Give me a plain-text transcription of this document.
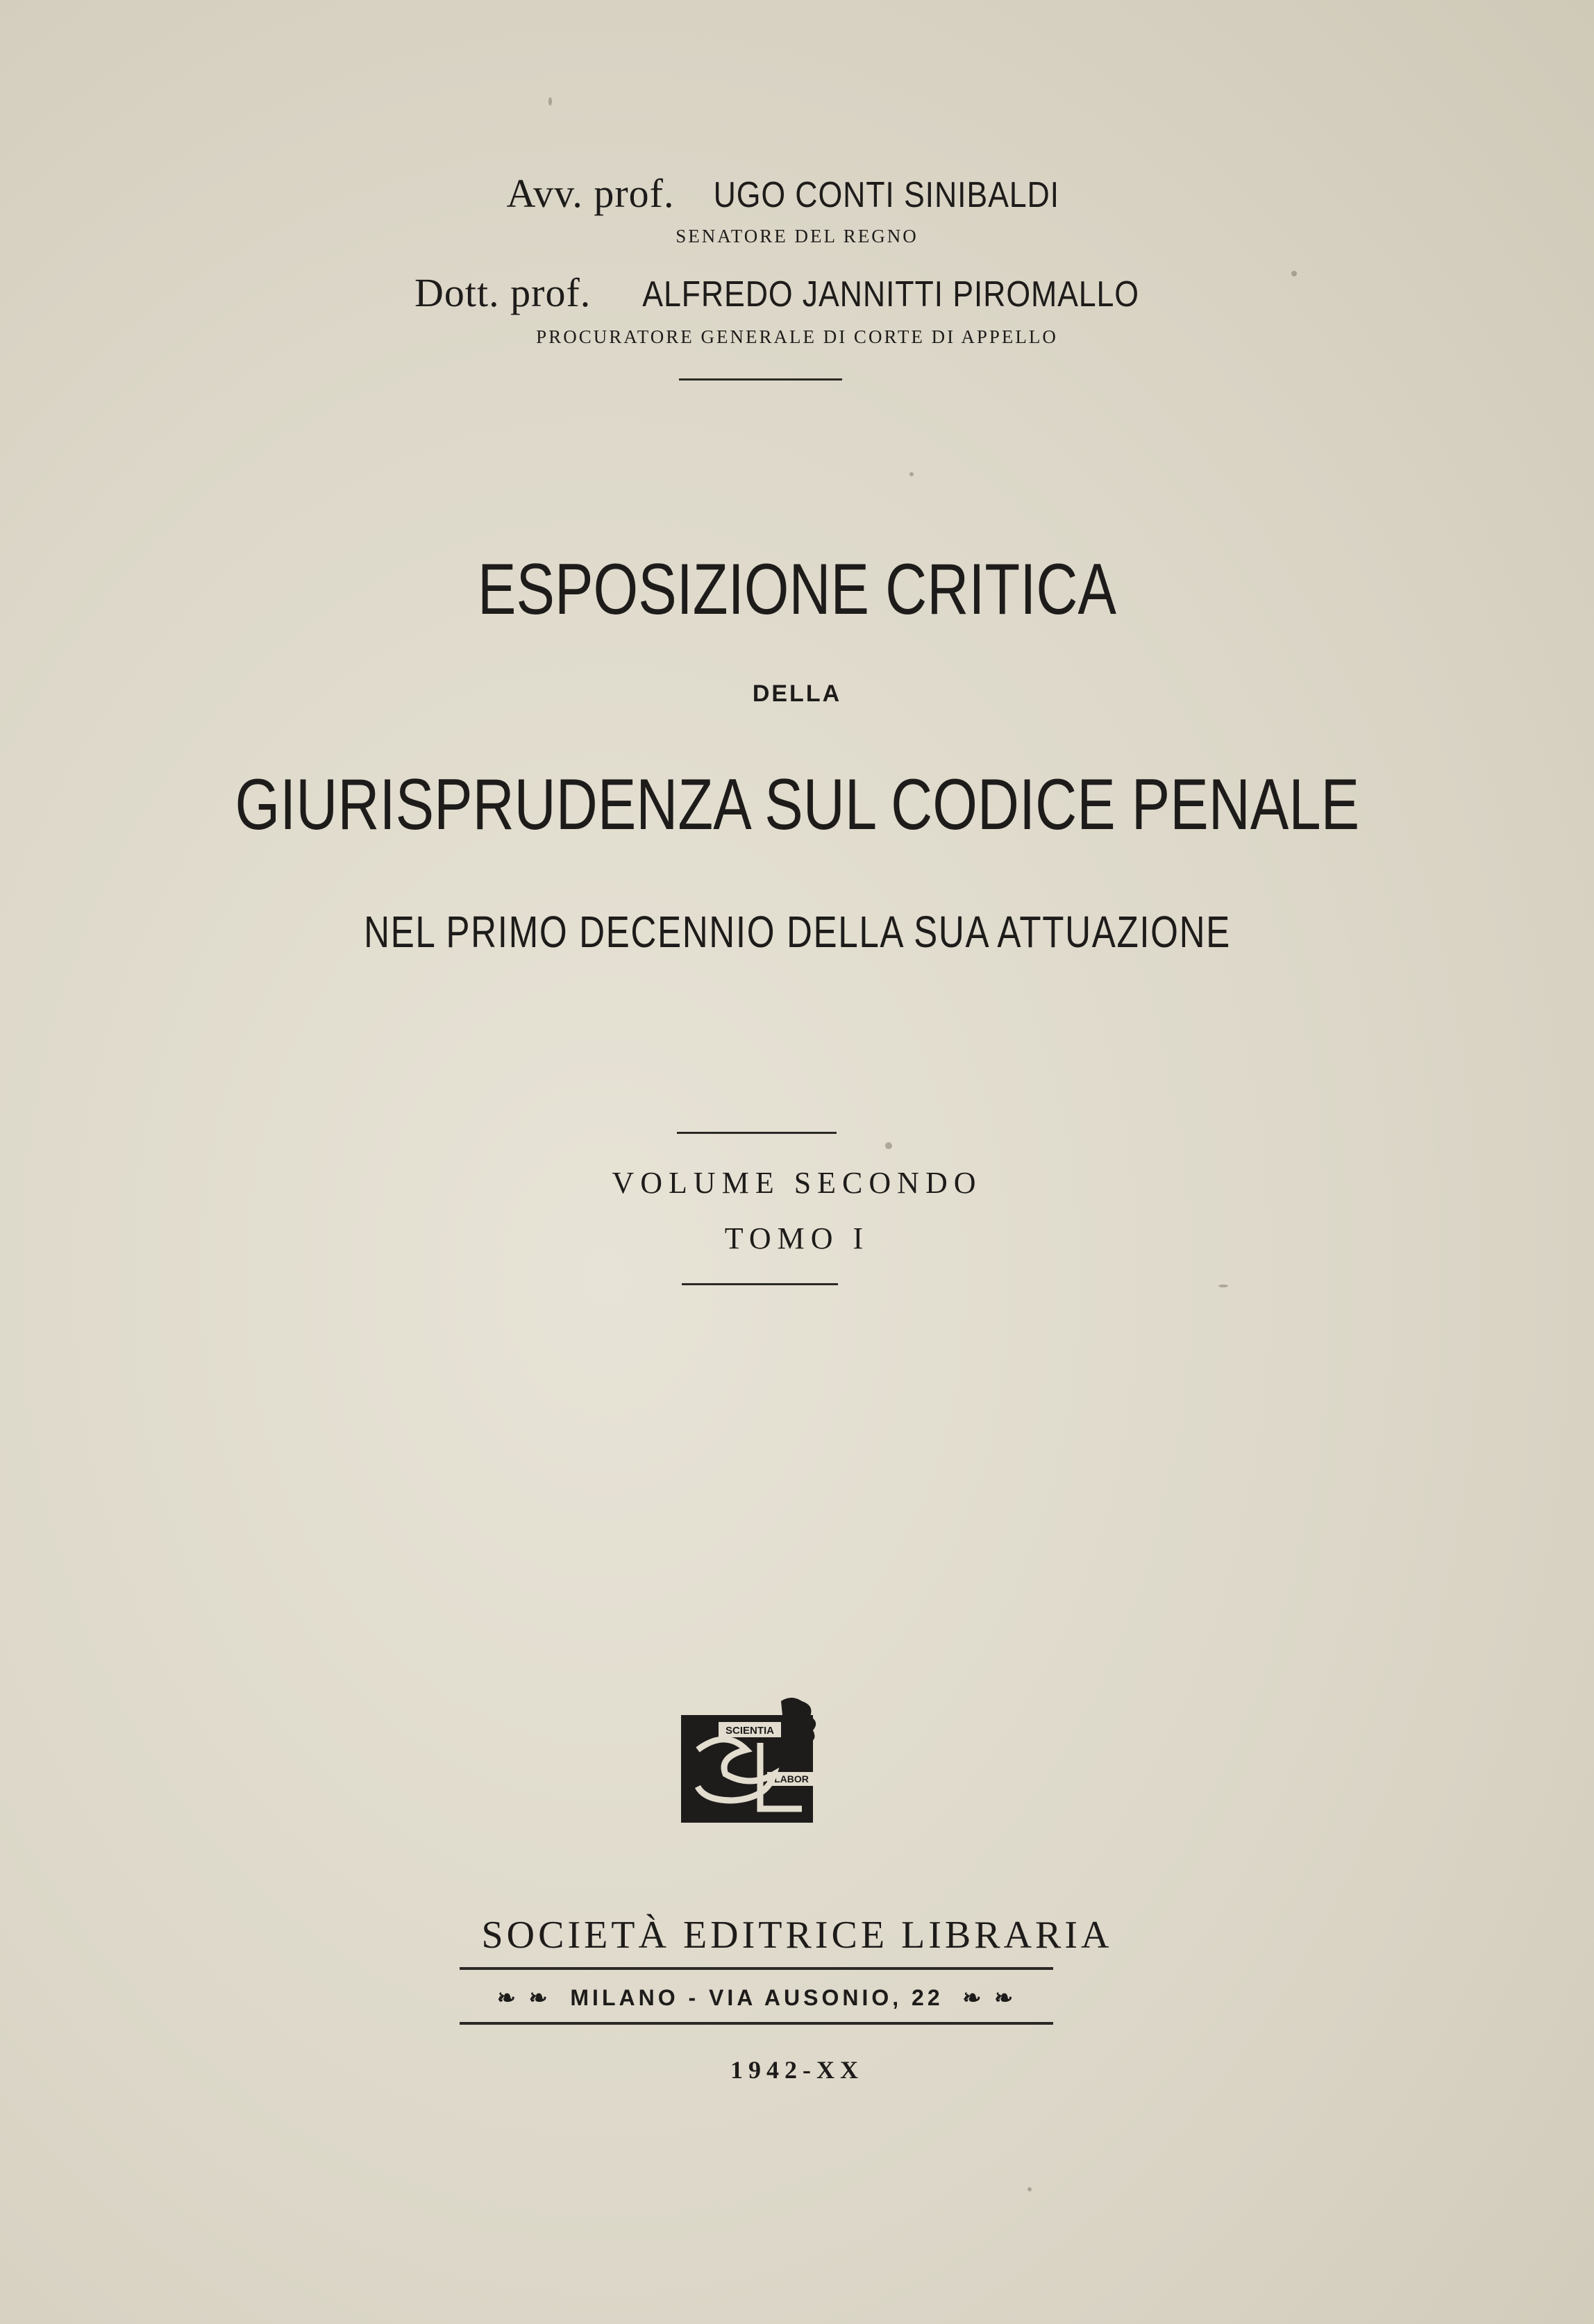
Avv. prof. UGO CONTI SINIBALDI
SENATORE DEL REGNO
Dott. prof. ALFREDO JANNITTI PIROMALLO
PROCURATORE GENERALE DI CORTE DI APPELLO
ESPOSIZIONE CRITICA
DELLA
GIURISPRUDENZA SUL CODICE PENALE
NEL PRIMO DECENNIO DELLA SUA ATTUAZIONE
VOLUME SECONDO
TOMO I
SCIENTIA
LABOR
SOCIETÀ EDITRICE LIBRARIA
❧ ❧ MILANO - VIA AUSONIO, 22 ❧ ❧
1942-XX
